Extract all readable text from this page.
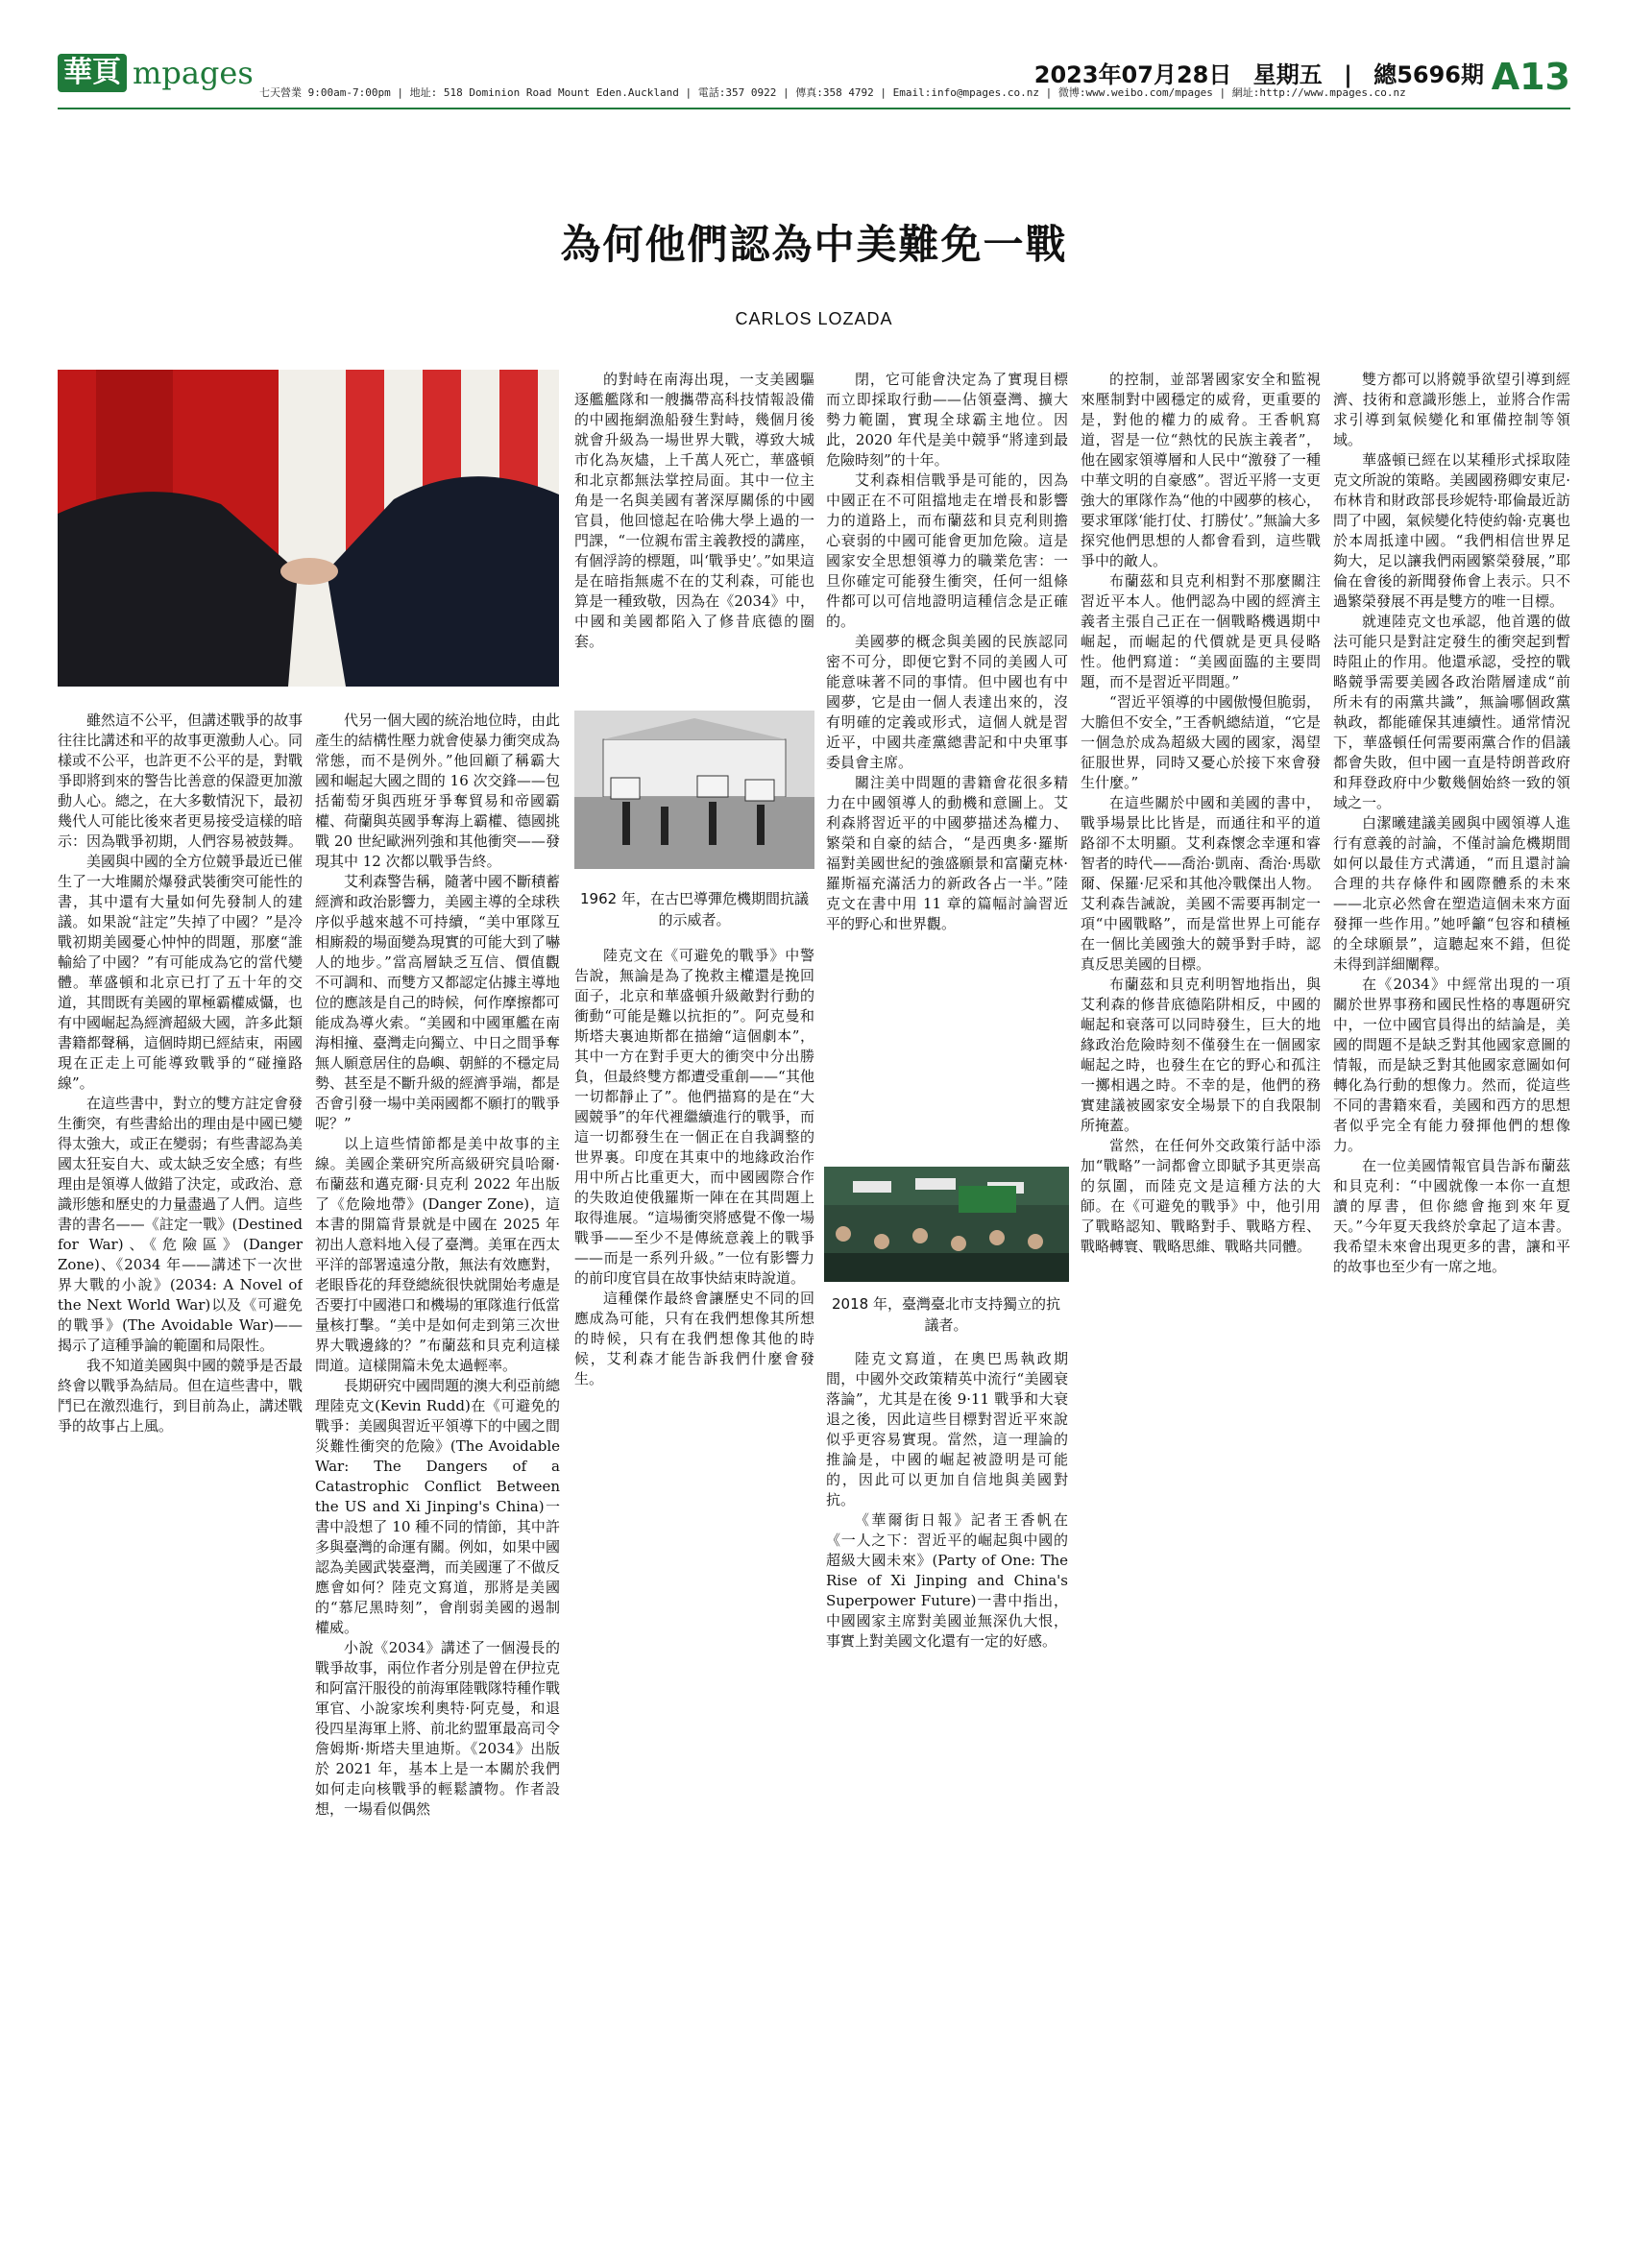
華頁 mpages
七天營業 9:00am-7:00pm | 地址: 518 Dominion Road Mount Eden.Auckland | 電話:357 0922 | 傳真:358 4792 | Email:info@mpages.co.nz | 微博:www.weibo.com/mpages | 網址:http://www.mpages.co.nz
2023年07月28日 星期五 | 總5696期 A13
為何他們認為中美難免一戰
CARLOS LOZADA
1962 年，在古巴導彈危機期間抗議的示威者。
2018 年，臺灣臺北市支持獨立的抗議者。

雖然這不公平，但講述戰爭的故事往往比講述和平的故事更激動人心。同樣或不公平，也許更不公平的是，對戰爭即將到來的警告比善意的保證更加激動人心。總之，在大多數情況下，最初幾代人可能比後來者更易接受這樣的暗示：因為戰爭初期，人們容易被鼓舞。

美國與中國的全方位競爭最近已催生了一大堆關於爆發武裝衝突可能性的書，其中還有大量如何先發制人的建議。如果說“註定”失掉了中國？”是冷戰初期美國憂心忡忡的問題，那麼“誰輸給了中國？”有可能成為它的當代變體。華盛頓和北京已打了五十年的交道，其間既有美國的單極霸權威懾，也有中國崛起為經濟超級大國，許多此類書籍都聲稱，這個時期已經結束，兩國現在正走上可能導致戰爭的“碰撞路線”。

在這些書中，對立的雙方註定會發生衝突，有些書給出的理由是中國已變得太強大，或正在變弱；有些書認為美國太狂妄自大、或太缺乏安全感；有些理由是領導人做錯了決定，或政治、意識形態和歷史的力量盡過了人們。這些書的書名——《註定一戰》(Destined for War)、《危險區》(Danger Zone)、《2034 年——講述下一次世界大戰的小說》(2034: A Novel of the Next World War)以及《可避免的戰爭》(The Avoidable War)——揭示了這種爭論的範圍和局限性。

我不知道美國與中國的競爭是否最終會以戰爭為結局。但在這些書中，戰鬥已在激烈進行，到目前為止，講述戰爭的故事占上風。

代另一個大國的統治地位時，由此產生的結構性壓力就會使暴力衝突成為常態，而不是例外。”他回顧了稱霸大國和崛起大國之間的 16 次交鋒——包括葡萄牙與西班牙爭奪貿易和帝國霸權、荷蘭與英國爭奪海上霸權、德國挑戰 20 世紀歐洲列強和其他衝突——發現其中 12 次都以戰爭告終。

艾利森警告稱，隨著中國不斷積蓄經濟和政治影響力，美國主導的全球秩序似乎越來越不可持續，“美中軍隊互相廝殺的場面變為現實的可能大到了嚇人的地步。”當高層缺乏互信、價值觀不可調和、而雙方又都認定佔據主導地位的應該是自己的時候，何作摩擦都可能成為導火索。“美國和中國軍艦在南海相撞、臺灣走向獨立、中日之間爭奪無人願意居住的島嶼、朝鮮的不穩定局勢、甚至是不斷升級的經濟爭端，都是否會引發一場中美兩國都不願打的戰爭呢？”

以上這些情節都是美中故事的主線。美國企業研究所高級研究員哈爾·布蘭茲和邁克爾·貝克利 2022 年出版了《危險地帶》(Danger Zone)，這本書的開篇背景就是中國在 2025 年初出人意料地入侵了臺灣。美軍在西太平洋的部署遠遠分散，無法有效應對，老眼昏花的拜登總統很快就開始考慮是否要打中國港口和機場的軍隊進行低當量核打擊。“美中是如何走到第三次世界大戰邊緣的？”布蘭茲和貝克利這樣問道。這樣開篇未免太過輕率。

長期研究中國問題的澳大利亞前總理陸克文(Kevin Rudd)在《可避免的戰爭：美國與習近平領導下的中國之間災難性衝突的危險》(The Avoidable War: The Dangers of a Catastrophic Conflict Between the US and Xi Jinping's China)一書中設想了 10 種不同的情節，其中許多與臺灣的命運有關。例如，如果中國認為美國武裝臺灣，而美國運了不做反應會如何？陸克文寫道，那將是美國的“慕尼黑時刻”，會削弱美國的遏制權威。

小說《2034》講述了一個漫長的戰爭故事，兩位作者分別是曾在伊拉克和阿富汗服役的前海軍陸戰隊特種作戰軍官、小說家埃利奧特·阿克曼，和退役四星海軍上將、前北約盟軍最高司令詹姆斯·斯塔夫里迪斯。《2034》出版於 2021 年，基本上是一本關於我們如何走向核戰爭的輕鬆讀物。作者設想，一場看似偶然

的對峙在南海出現，一支美國驅逐艦艦隊和一艘攜帶高科技情報設備的中國拖網漁船發生對峙，幾個月後就會升級為一場世界大戰，導致大城市化為灰燼，上千萬人死亡，華盛頓和北京都無法掌控局面。其中一位主角是一名與美國有著深厚關係的中國官員，他回憶起在哈佛大學上過的一門課，“一位親布雷主義教授的講座，有個浮誇的標題，叫‘戰爭史’。”如果這是在暗指無處不在的艾利森，可能也算是一種致敬，因為在《2034》中，中國和美國都陷入了修昔底德的圈套。

陸克文在《可避免的戰爭》中警告說，無論是為了挽救主權還是挽回面子，北京和華盛頓升級敵對行動的衝動“可能是難以抗拒的”。阿克曼和斯塔夫裏迪斯都在描繪“這個劇本”，其中一方在對手更大的衝突中分出勝負，但最終雙方都遭受重創——“其他一切都靜止了”。他們描寫的是在“大國競爭”的年代裡繼續進行的戰爭，而這一切都發生在一個正在自我調整的世界裏。印度在其東中的地緣政治作用中所占比重更大，而中國國際合作的失敗迫使俄羅斯一陣在在其問題上取得進展。“這場衝突將感覺不像一場戰爭——至少不是傳統意義上的戰爭——而是一系列升級。”一位有影響力的前印度官員在故事快結束時說道。

這種傑作最終會讓歷史不同的回應成為可能，只有在我們想像其所想的時候，只有在我們想像其他的時候，艾利森才能告訴我們什麼會發生。

閉，它可能會決定為了實現目標而立即採取行動——佔領臺灣、擴大勢力範圍，實現全球霸主地位。因此，2020 年代是美中競爭“將達到最危險時刻”的十年。

艾利森相信戰爭是可能的，因為中國正在不可阻擋地走在增長和影響力的道路上，而布蘭茲和貝克利則擔心衰弱的中國可能會更加危險。這是國家安全思想領導力的職業危害：一旦你確定可能發生衝突，任何一組條件都可以可信地證明這種信念是正確的。

美國夢的概念與美國的民族認同密不可分，即便它對不同的美國人可能意味著不同的事情。但中國也有中國夢，它是由一個人表達出來的，沒有明確的定義或形式，這個人就是習近平，中國共產黨總書記和中央軍事委員會主席。

關注美中問題的書籍會花很多精力在中國領導人的動機和意圖上。艾利森將習近平的中國夢描述為權力、繁榮和自豪的結合，“是西奧多·羅斯福對美國世紀的強盛願景和富蘭克林·羅斯福充滿活力的新政各占一半。”陸克文在書中用 11 章的篇幅討論習近平的野心和世界觀。

陸克文寫道，在奧巴馬執政期間，中國外交政策精英中流行“美國衰落論”，尤其是在後 9·11 戰爭和大衰退之後，因此這些目標對習近平來說似乎更容易實現。當然，這一理論的推論是，中國的崛起被證明是可能的，因此可以更加自信地與美國對抗。

《華爾街日報》記者王香帆在《一人之下：習近平的崛起與中國的超級大國未來》(Party of One: The Rise of Xi Jinping and China's Superpower Future)一書中指出，中國國家主席對美國並無深仇大恨，事實上對美國文化還有一定的好感。

的控制，並部署國家安全和監視來壓制對中國穩定的威脅，更重要的是，對他的權力的威脅。王香帆寫道，習是一位“熱忱的民族主義者”，他在國家領導層和人民中“激發了一種中華文明的自豪感”。習近平將一支更強大的軍隊作為“他的中國夢的核心，要求軍隊‘能打仗、打勝仗’。”無論大多探究他們思想的人都會看到，這些戰爭中的敵人。

布蘭茲和貝克利相對不那麼關注習近平本人。他們認為中國的經濟主義者主張自己正在一個戰略機遇期中崛起，而崛起的代價就是更具侵略性。他們寫道：“美國面臨的主要問題，而不是習近平問題。”

“習近平領導的中國傲慢但脆弱，大膽但不安全，”王香帆總結道，“它是一個急於成為超級大國的國家，渴望征服世界，同時又憂心於接下來會發生什麼。”

在這些關於中國和美國的書中，戰爭場景比比皆是，而通往和平的道路卻不太明顯。艾利森懷念幸運和睿智者的時代——喬治·凱南、喬治·馬歇爾、保羅·尼采和其他冷戰傑出人物。艾利森告誡說，美國不需要再制定一項“中國戰略”，而是當世界上可能存在一個比美國強大的競爭對手時，認真反思美國的目標。

布蘭茲和貝克利明智地指出，與艾利森的修昔底德陷阱相反，中國的崛起和衰落可以同時發生，巨大的地緣政治危險時刻不僅發生在一個國家崛起之時，也發生在它的野心和孤注一擲相遇之時。不幸的是，他們的務實建議被國家安全場景下的自我限制所掩蓋。

當然，在任何外交政策行話中添加“戰略”一詞都會立即賦予其更崇高的氛圍，而陸克文是這種方法的大師。在《可避免的戰爭》中，他引用了戰略認知、戰略對手、戰略方程、戰略轉寰、戰略思維、戰略共同體。

雙方都可以將競爭欲望引導到經濟、技術和意識形態上，並將合作需求引導到氣候變化和軍備控制等領域。

華盛頓已經在以某種形式採取陸克文所說的策略。美國國務卿安東尼·布林肯和財政部長珍妮特·耶倫最近訪問了中國，氣候變化特使約翰·克裏也於本周抵達中國。“我們相信世界足夠大，足以讓我們兩國繁榮發展，”耶倫在會後的新聞發佈會上表示。只不過繁榮發展不再是雙方的唯一目標。

就連陸克文也承認，他首選的做法可能只是對註定發生的衝突起到暫時阻止的作用。他還承認，受控的戰略競爭需要美國各政治階層達成“前所未有的兩黨共識”，無論哪個政黨執政，都能確保其連續性。通常情況下，華盛頓任何需要兩黨合作的倡議都會失敗，但中國一直是特朗普政府和拜登政府中少數幾個始終一致的領域之一。

白潔曦建議美國與中國領導人進行有意義的討論，不僅討論危機期間如何以最佳方式溝通，“而且還討論合理的共存條件和國際體系的未來——北京必然會在塑造這個未來方面發揮一些作用。”她呼籲“包容和積極的全球願景”，這聽起來不錯，但從未得到詳細闡釋。

在《2034》中經常出現的一項關於世界事務和國民性格的專題研究中，一位中國官員得出的結論是，美國的問題不是缺乏對其他國家意圖的情報，而是缺乏對其他國家意圖如何轉化為行動的想像力。然而，從這些不同的書籍來看，美國和西方的思想者似乎完全有能力發揮他們的想像力。

在一位美國情報官員告訴布蘭茲和貝克利：“中國就像一本你一直想讀的厚書，但你總會拖到來年夏天。”今年夏天我終於拿起了這本書。我希望未來會出現更多的書，讓和平的故事也至少有一席之地。
